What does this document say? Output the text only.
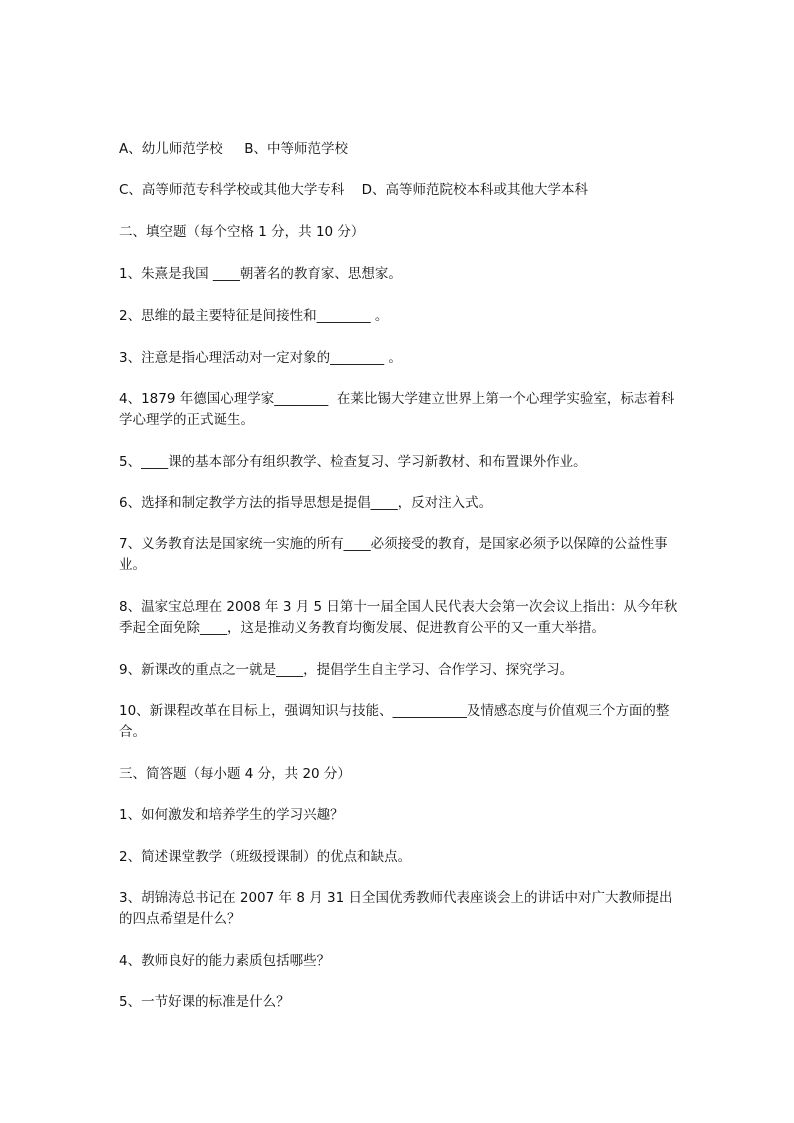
A、幼儿师范学校     B、中等师范学校
C、高等师范专科学校或其他大学专科    D、高等师范院校本科或其他大学本科
二、填空题（每个空格 1 分，共 10 分）
1、朱熹是我国 ____朝著名的教育家、思想家。
2、思维的最主要特征是间接性和________ 。
3、注意是指心理活动对一定对象的________ 。
4、1879 年德国心理学家________  在莱比锡大学建立世界上第一个心理学实验室，标志着科学心理学的正式诞生。
5、____课的基本部分有组织教学、检查复习、学习新教材、和布置课外作业。
6、选择和制定教学方法的指导思想是提倡____，反对注入式。
7、义务教育法是国家统一实施的所有____必须接受的教育，是国家必须予以保障的公益性事业。
8、温家宝总理在 2008 年 3 月 5 日第十一届全国人民代表大会第一次会议上指出：从今年秋季起全面免除____，这是推动义务教育均衡发展、促进教育公平的又一重大举措。
9、新课改的重点之一就是____，提倡学生自主学习、合作学习、探究学习。
10、新课程改革在目标上，强调知识与技能、___________及情感态度与价值观三个方面的整合。
三、简答题（每小题 4 分，共 20 分）
1、如何激发和培养学生的学习兴趣？
2、简述课堂教学（班级授课制）的优点和缺点。
3、胡锦涛总书记在 2007 年 8 月 31 日全国优秀教师代表座谈会上的讲话中对广大教师提出的四点希望是什么？
4、教师良好的能力素质包括哪些？
5、一节好课的标准是什么？
